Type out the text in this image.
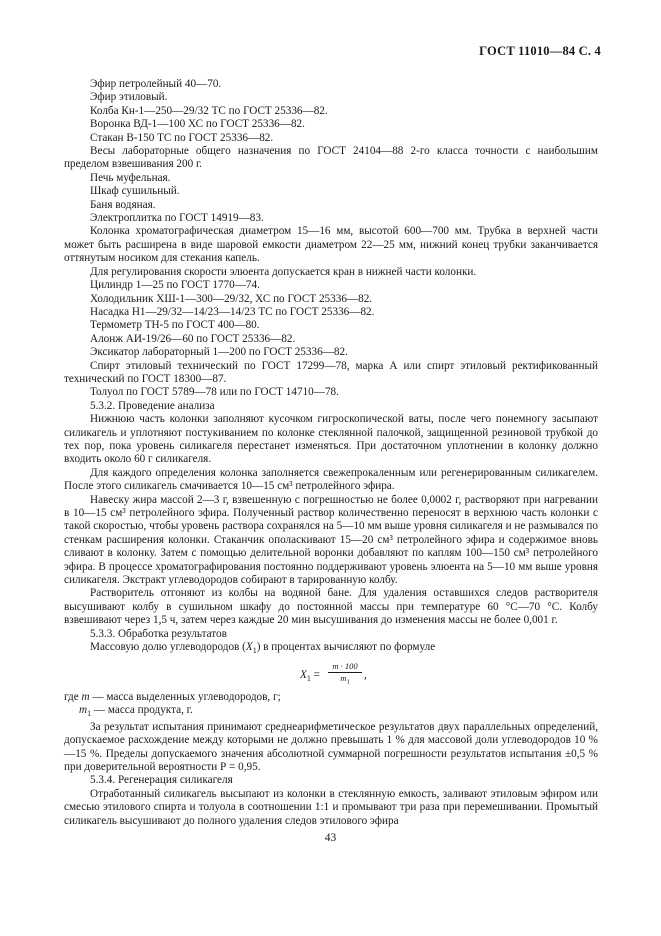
ГОСТ 11010—84 С. 4

Эфир петролейный 40—70.

Эфир этиловый.

Колба Кн-1—250—29/32 ТС по ГОСТ 25336—82.

Воронка ВД-1—100 ХС по ГОСТ 25336—82.

Стакан В-150 ТС по ГОСТ 25336—82.

Весы лабораторные общего назначения по ГОСТ 24104—88 2-го класса точности с наибольшим пределом взвешивания 200 г.

Печь муфельная.

Шкаф сушильный.

Баня водяная.

Электроплитка по ГОСТ 14919—83.

Колонка хроматографическая диаметром 15—16 мм, высотой 600—700 мм. Трубка в верхней части может быть расширена в виде шаровой емкости диаметром 22—25 мм, нижний конец трубки заканчивается оттянутым носиком для стекания капель.

Для регулирования скорости элюента допускается кран в нижней части колонки.

Цилиндр 1—25 по ГОСТ 1770—74.

Холодильник ХШ-1—300—29/32, ХС по ГОСТ 25336—82.

Насадка Н1—29/32—14/23—14/23 ТС по ГОСТ 25336—82.

Термометр ТН-5 по ГОСТ 400—80.

Алонж АИ-19/26—60 по ГОСТ 25336—82.

Эксикатор лабораторный 1—200 по ГОСТ 25336—82.

Спирт этиловый технический по ГОСТ 17299—78, марка А или спирт этиловый ректификованный технический по ГОСТ 18300—87.

Толуол по ГОСТ 5789—78 или по ГОСТ 14710—78.

5.3.2. Проведение анализа

Нижнюю часть колонки заполняют кусочком гигроскопической ваты, после чего понемногу засыпают силикагель и уплотняют постукиванием по колонке стеклянной палочкой, защищенной резиновой трубкой до тех пор, пока уровень силикагеля перестанет изменяться. При достаточном уплотнении в колонку должно входить около 60 г силикагеля.

Для каждого определения колонка заполняется свежепрокаленным или регенерированным силикагелем. После этого силикагель смачивается 10—15 см³ петролейного эфира.

Навеску жира массой 2—3 г, взвешенную с погрешностью не более 0,0002 г, растворяют при нагревании в 10—15 см³ петролейного эфира. Полученный раствор количественно переносят в верхнюю часть колонки с такой скоростью, чтобы уровень раствора сохранялся на 5—10 мм выше уровня силикагеля и не размывался по стенкам расширения колонки. Стаканчик ополаскивают 15—20 см³ петролейного эфира и содержимое вновь сливают в колонку. Затем с помощью делительной воронки добавляют по каплям 100—150 см³ петролейного эфира. В процессе хроматографирования постоянно поддерживают уровень элюента на 5—10 мм выше уровня силикагеля. Экстракт углеводородов собирают в тарированную колбу.

Растворитель отгоняют из колбы на водяной бане. Для удаления оставшихся следов растворителя высушивают колбу в сушильном шкафу до постоянной массы при температуре 60 °С—70 °С. Колбу взвешивают через 1,5 ч, затем через каждые 20 мин высушивания до изменения массы не более 0,001 г.

5.3.3. Обработка результатов

Массовую долю углеводородов $(X_1)$ в процентах вычисляют по формуле

$X_1 = \frac{m \cdot 100}{m_1}$ ,

где m — масса выделенных углеводородов, г;

$m_1$ — масса продукта, г.

За результат испытания принимают среднеарифметическое результатов двух параллельных определений, допускаемое расхождение между которыми не должно превышать 1 % для массовой доли углеводородов 10 %—15 %. Пределы допускаемого значения абсолютной суммарной погрешности результатов испытания ±0,5 % при доверительной вероятности Р = 0,95.

5.3.4. Регенерация силикагеля

Отработанный силикагель высыпают из колонки в стеклянную емкость, заливают этиловым эфиром или смесью этилового спирта и толуола в соотношении 1:1 и промывают три раза при перемешивании. Промытый силикагель высушивают до полного удаления следов этилового эфира

43
